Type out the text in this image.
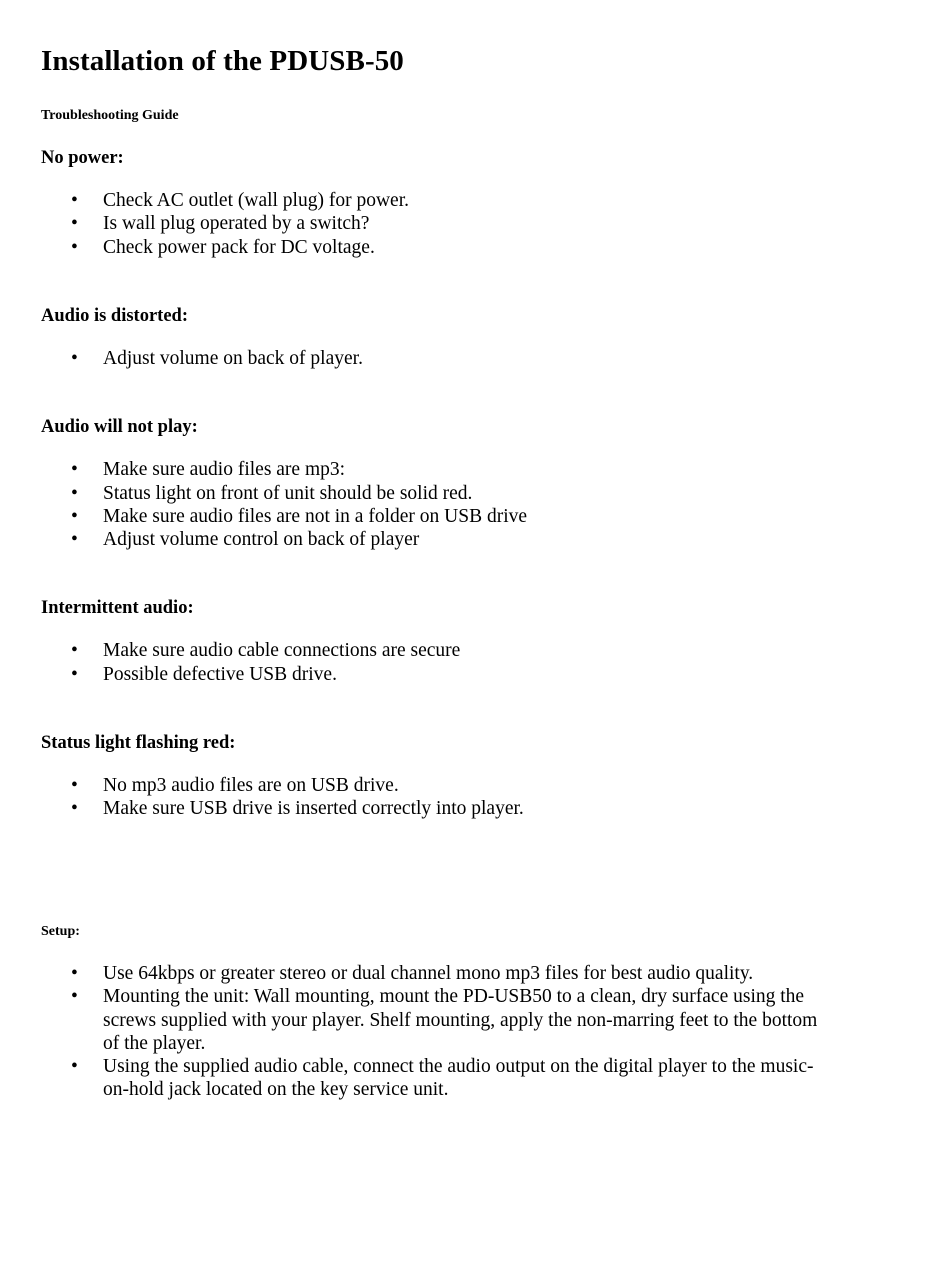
Installation of the PDUSB-50
Troubleshooting Guide
No power:
• Check AC outlet (wall plug) for power.
• Is wall plug operated by a switch?
• Check power pack for DC voltage.
Audio is distorted:
• Adjust volume on back of player.
Audio will not play:
• Make sure audio files are mp3:
• Status light on front of unit should be solid red.
• Make sure audio files are not in a folder on USB drive
• Adjust volume control on back of player
Intermittent audio:
• Make sure audio cable connections are secure
• Possible defective USB drive.
Status light flashing red:
• No mp3 audio files are on USB drive.
• Make sure USB drive is inserted correctly into player.
Setup:
• Use 64kbps or greater stereo or dual channel mono mp3 files for best audio quality.
• Mounting the unit: Wall mounting, mount the PD-USB50 to a clean, dry surface using the screws supplied with your player. Shelf mounting, apply the non-marring feet to the bottom of the player.
• Using the supplied audio cable, connect the audio output on the digital player to the music-on-hold jack located on the key service unit.
